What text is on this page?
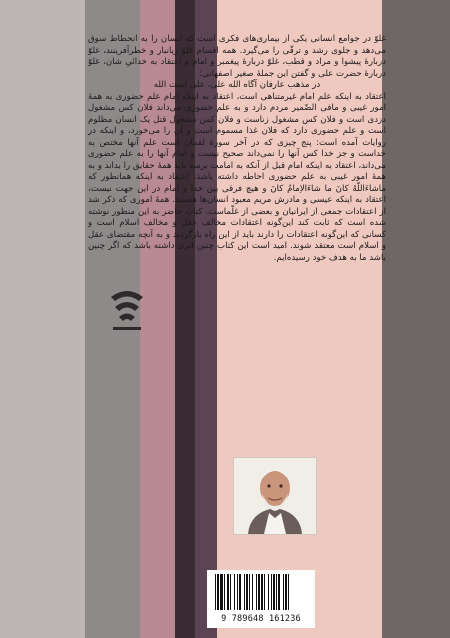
غلوّ در جوامع انسانی یکی از بیماری‌های فکری است که انسان را به انحطاط سوق می‌دهد و جلوی رشد و ترقّی را می‌گیرد. همه اقسام غلوّ زیانبار و خطرآفرینند، غلوّ دربارهٔ پیشوا و مراد و قطب، غلوّ دربارهٔ پیغمبر و امام و اعتقاد به خدائیِ شان، غلوّ دربارهٔ حضرت علی و گفتن این جملهٔ صغیر اصفهانی:

در مذهب عارفان آگاه الله علی، علی است الله

اعتقاد به اینکه علم امام غیرمتناهی است، اعتقاد به اینکه امام علم حضوری به همهٔ امور غیبی و مافی الضّمیر مردم دارد و به علم حضوری می‌داند فلان کس مشغول دزدی است و فلان کس مشغول زناست و فلان کس مشغول قتل یک انسان مظلوم است و علم حضوری دارد که فلان غذا مسموم است و آن را می‌خورد، و اینکه در روایات آمده است: پنج چیزی که در آخر سورهٔ لقمان است علم آنها مختص به خداست و جز خدا کس آنها را نمی‌داند صحیح نیست و امام آنها را به علم حضوری می‌داند، اعتقاد به اینکه امام قبل از آنکه به امامت برسد باید همهٔ حقایق را بداند و به همهٔ امور غیبی به علم حضوری احاطه داشته باشد، اعتقاد به اینکه همانطور که ماشاءَاللّهُ كانَ ما شاءَالاِمامُ كانَ و هیچ فرقی بین خدا و امام در این جهت نیست، اعتقاد به اینکه عیسی و مادرش مریم معبود انسان‌ها هستند. همهٔ اموری که ذکر شد از اعتقادات جمعی از ایرانیان و بعضی از غلّماست. کتاب حاضر به این منظور نوشته شده است که ثابت کند این‌گونه اعتقادات مخالف عقل و مخالف اسلام است و کسانی که این‌گونه اعتقادات را دارند باید از این راه بازگردند و به آنچه مقتضای عقل و اسلام است معتقد شوند. امید است این کتاب چنین اثری داشته باشد که اگر چنین باشد ما به هدف خود رسیده‌ایم.

9 789648 161236
